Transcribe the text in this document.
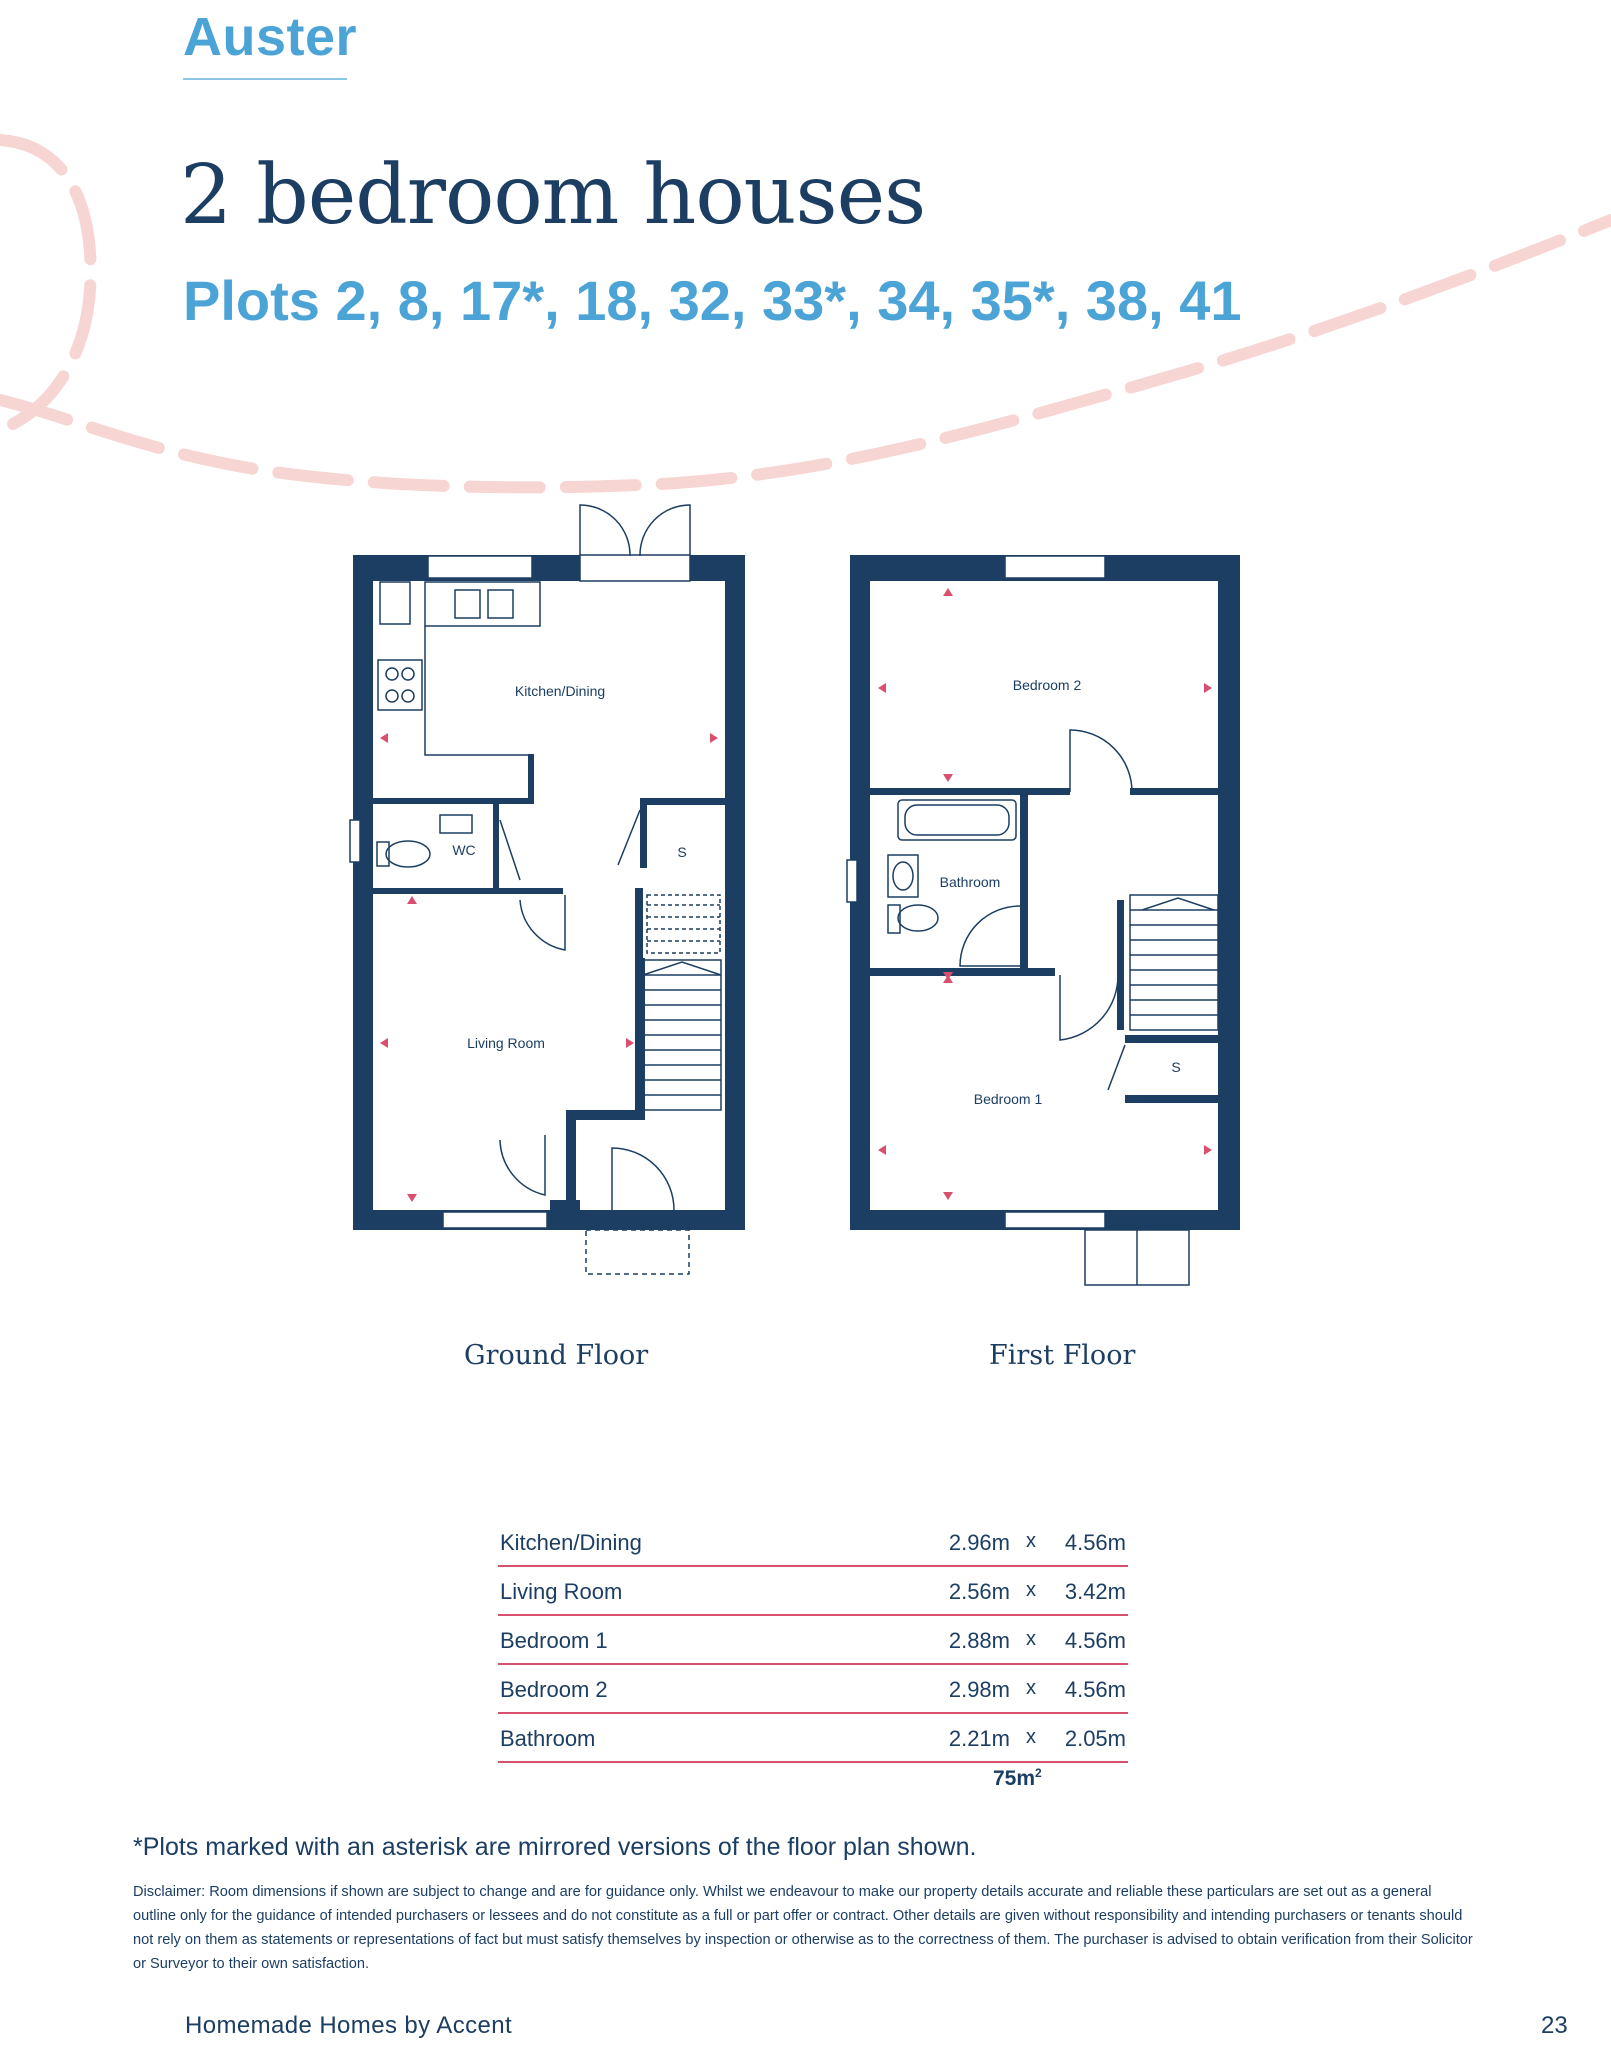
Auster
2 bedroom houses
Plots 2, 8, 17*, 18, 32, 33*, 34, 35*, 38, 41
Kitchen/Dining
WC	S
Living Room
Bedroom 2
Bathroom
Bedroom 1
S
Ground Floor	First Floor
Kitchen/Dining	2.96m x 4.56m
Living Room	2.56m x 3.42m
Bedroom 1	2.88m x 4.56m
Bedroom 2	2.98m x 4.56m
Bathroom	2.21m x 2.05m
$75m^2$
*Plots marked with an asterisk are mirrored versions of the floor plan shown.
Disclaimer: Room dimensions if shown are subject to change and are for guidance only. Whilst we endeavour to make our property details accurate and reliable these particulars are set out as a general outline only for the guidance of intended purchasers or lessees and do not constitute as a full or part offer or contract. Other details are given without responsibility and intending purchasers or tenants should not rely on them as statements or representations of fact but must satisfy themselves by inspection or otherwise as to the correctness of them. The purchaser is advised to obtain verification from their Solicitor or Surveyor to their own satisfaction.
Homemade Homes by Accent	23
